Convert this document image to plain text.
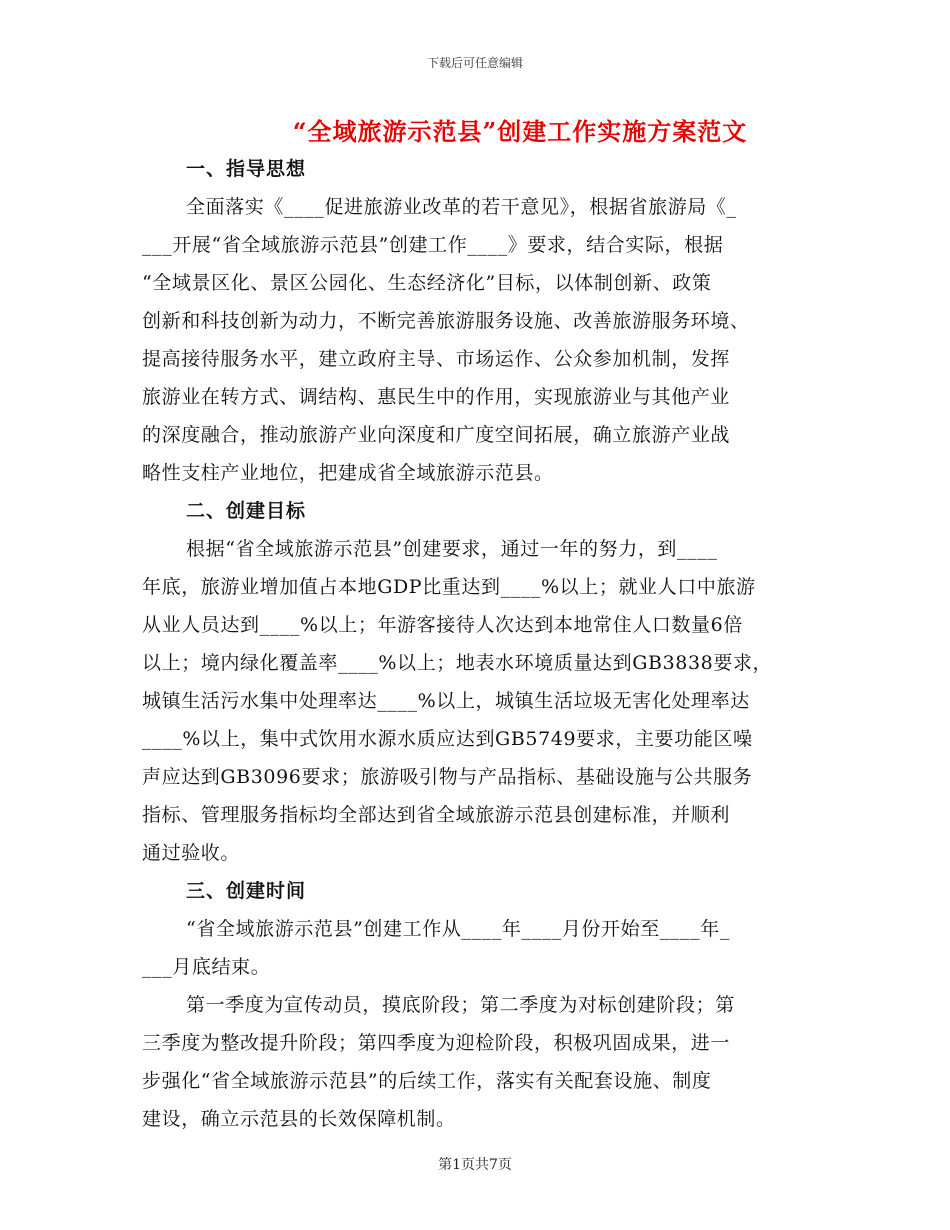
下载后可任意编辑
“全域旅游示范县”创建工作实施方案范文
一、指导思想
全面落实《____促进旅游业改革的若干意见》，根据省旅游局《_
___开展“省全域旅游示范县”创建工作____》要求，结合实际，根据
“全域景区化、景区公园化、生态经济化”目标，以体制创新、政策
创新和科技创新为动力，不断完善旅游服务设施、改善旅游服务环境、
提高接待服务水平，建立政府主导、市场运作、公众参加机制，发挥
旅游业在转方式、调结构、惠民生中的作用，实现旅游业与其他产业
的深度融合，推动旅游产业向深度和广度空间拓展，确立旅游产业战
略性支柱产业地位，把建成省全域旅游示范县。
二、创建目标
根据“省全域旅游示范县”创建要求，通过一年的努力，到____
年底，旅游业增加值占本地GDP比重达到____%以上；就业人口中旅游
从业人员达到____%以上；年游客接待人次达到本地常住人口数量6倍
以上；境内绿化覆盖率____%以上；地表水环境质量达到GB3838要求，
城镇生活污水集中处理率达____%以上，城镇生活垃圾无害化处理率达
____%以上，集中式饮用水源水质应达到GB5749要求，主要功能区噪
声应达到GB3096要求；旅游吸引物与产品指标、基础设施与公共服务
指标、管理服务指标均全部达到省全域旅游示范县创建标准，并顺利
通过验收。
三、创建时间
“省全域旅游示范县”创建工作从____年____月份开始至____年_
___月底结束。
第一季度为宣传动员，摸底阶段；第二季度为对标创建阶段；第
三季度为整改提升阶段；第四季度为迎检阶段，积极巩固成果，进一
步强化“省全域旅游示范县”的后续工作，落实有关配套设施、制度
建设，确立示范县的长效保障机制。
第1页共7页
